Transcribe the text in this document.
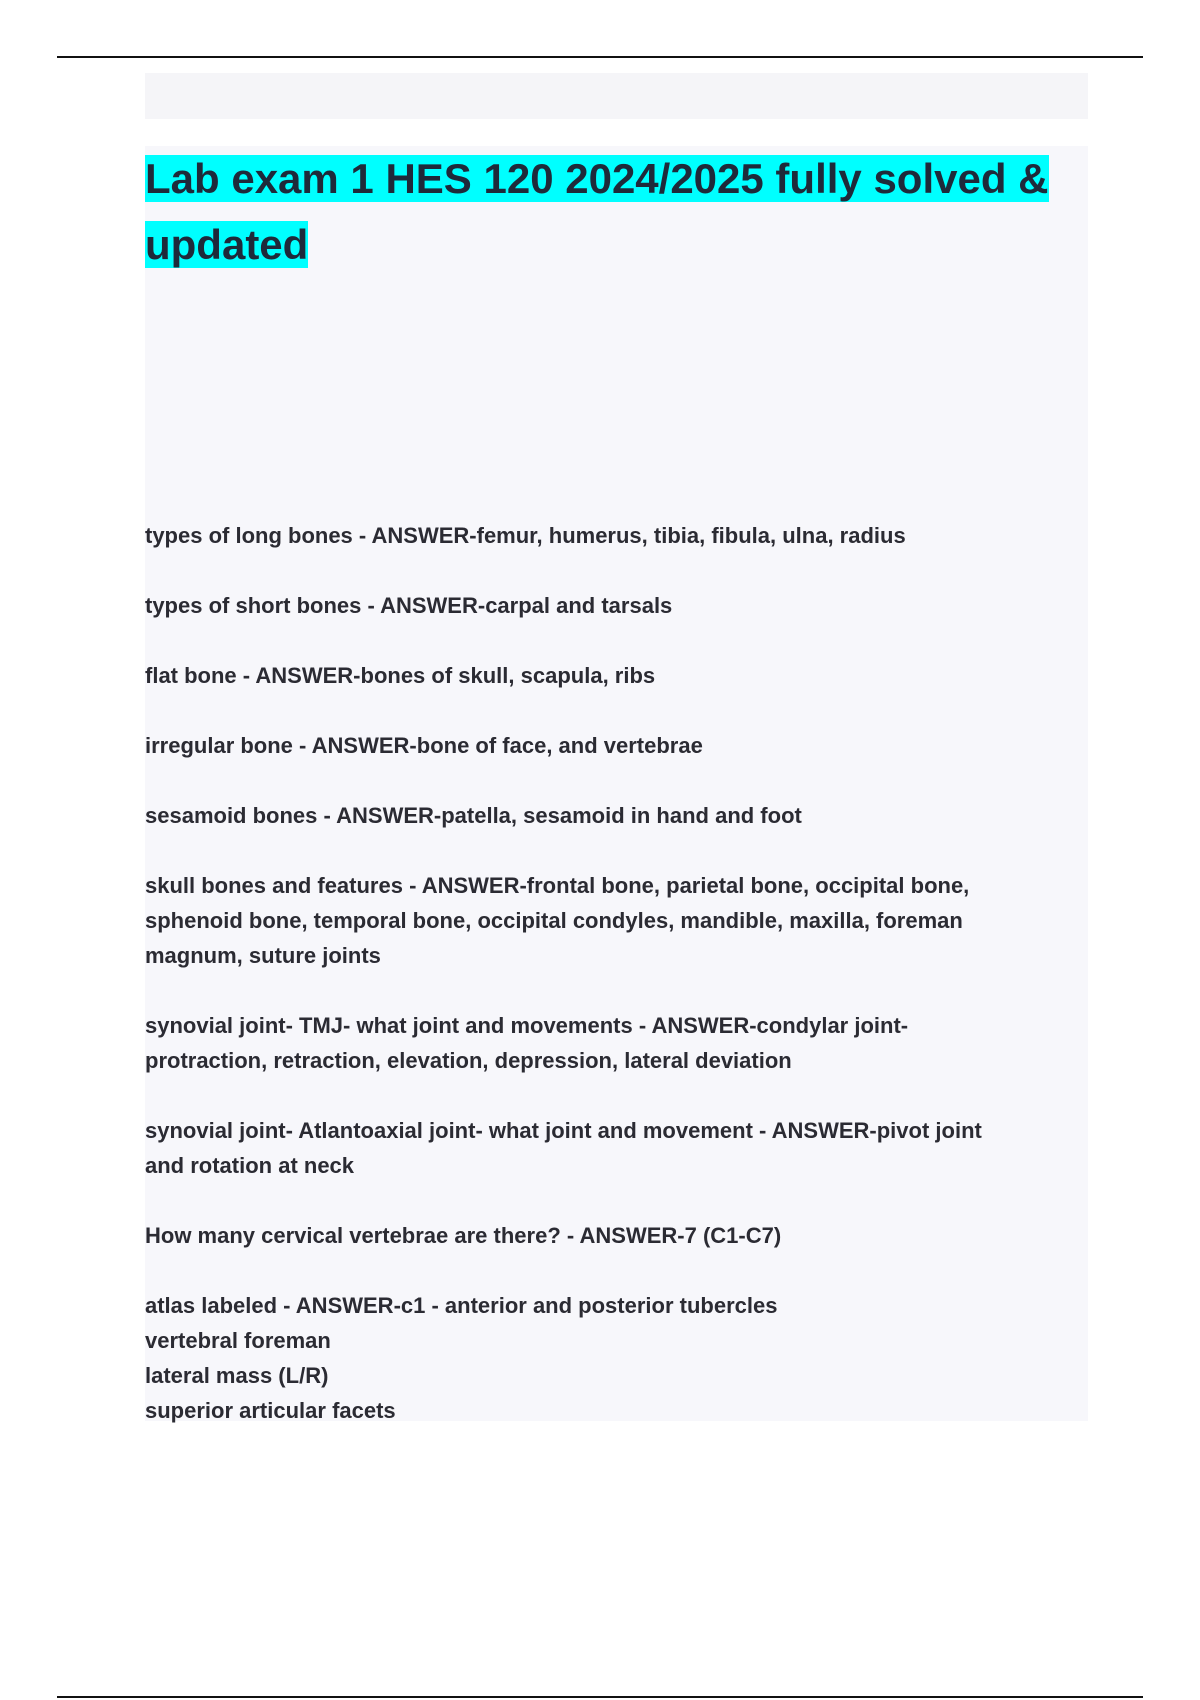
Lab exam 1 HES 120 2024/2025 fully solved & updated

types of long bones - ANSWER-femur, humerus, tibia, fibula, ulna, radius

types of short bones - ANSWER-carpal and tarsals

flat bone - ANSWER-bones of skull, scapula, ribs

irregular bone - ANSWER-bone of face, and vertebrae

sesamoid bones - ANSWER-patella, sesamoid in hand and foot

skull bones and features - ANSWER-frontal bone, parietal bone, occipital bone,
sphenoid bone, temporal bone, occipital condyles, mandible, maxilla, foreman
magnum, suture joints

synovial joint- TMJ- what joint and movements - ANSWER-condylar joint-
protraction, retraction, elevation, depression, lateral deviation

synovial joint- Atlantoaxial joint- what joint and movement - ANSWER-pivot joint
and rotation at neck

How many cervical vertebrae are there? - ANSWER-7 (C1-C7)

atlas labeled - ANSWER-c1 - anterior and posterior tubercles
vertebral foreman
lateral mass (L/R)
superior articular facets
